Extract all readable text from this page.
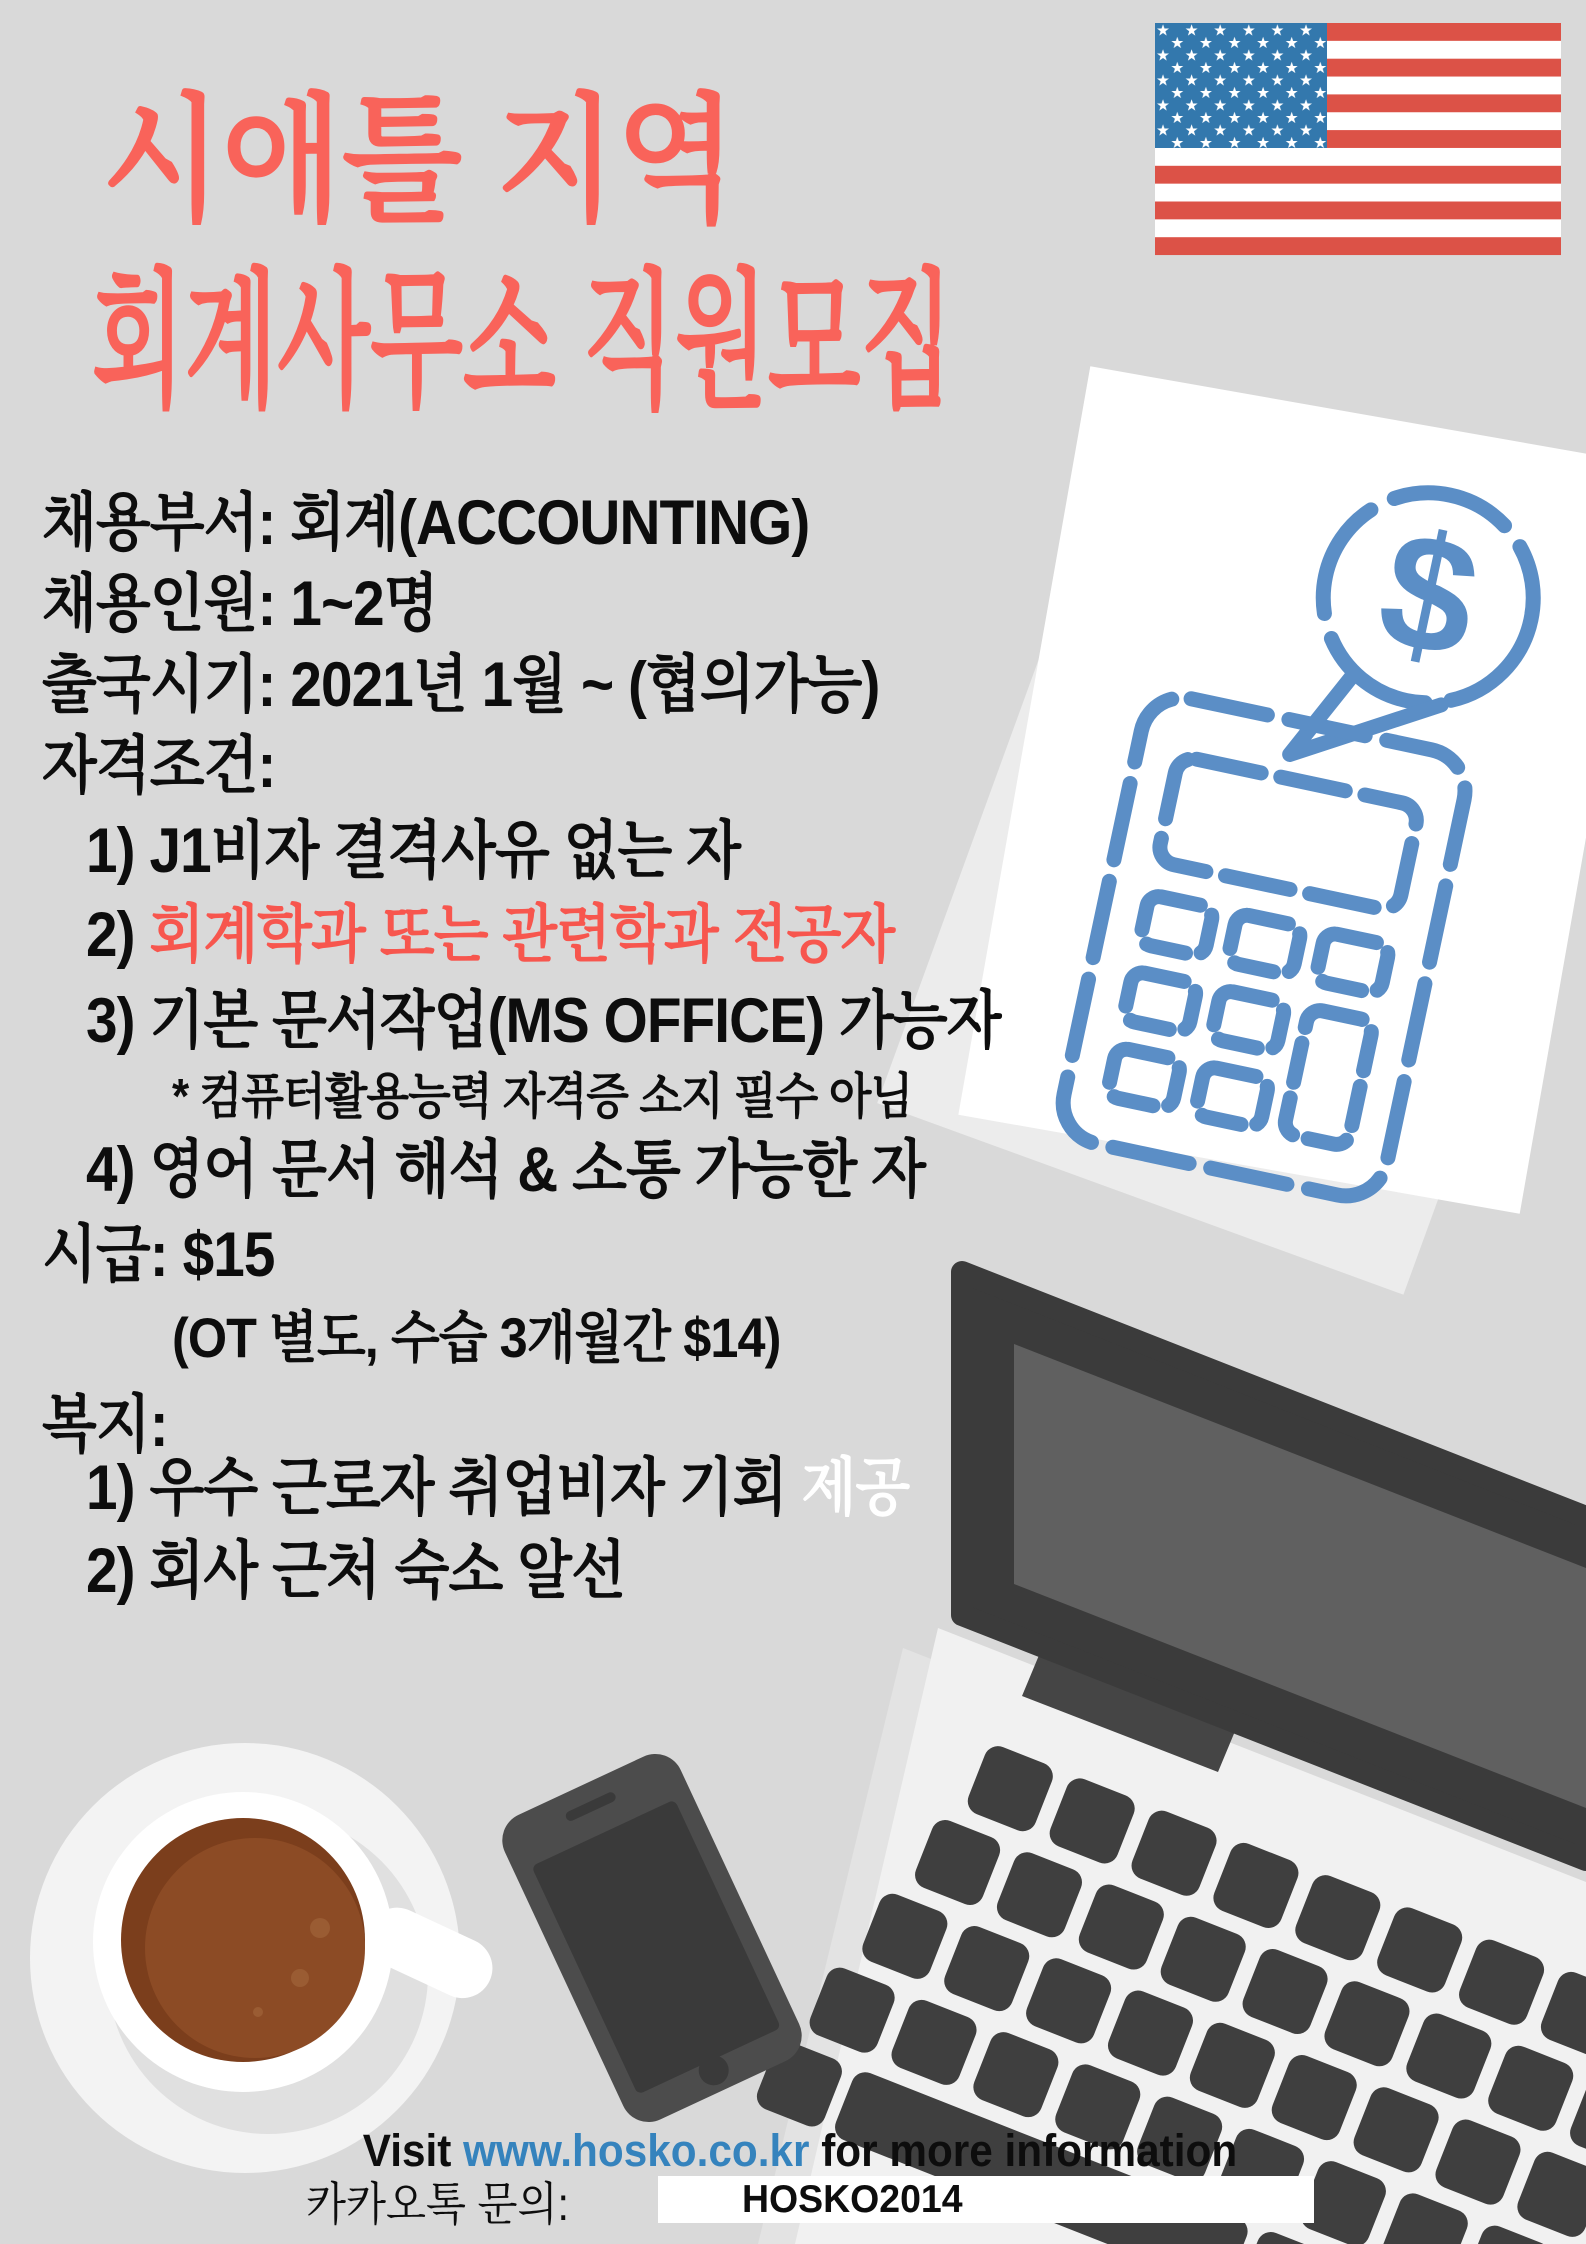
$
시애틀 지역
회계사무소 직원모집
채용부서: 회계(ACCOUNTING)
채용인원: 1~2명
출국시기: 2021년 1월 ~ (협의가능)
자격조건:
1) J1비자 결격사유 없는 자
2) 회계학과 또는 관련학과 전공자
3) 기본 문서작업(MS OFFICE) 가능자
* 컴퓨터활용능력 자격증 소지 필수 아님
4) 영어 문서 해석 & 소통 가능한 자
시급: $15
(OT 별도, 수습 3개월간 $14)
복지:
1) 우수 근로자 취업비자 기회 제공
2) 회사 근처 숙소 알선
Visit www.hosko.co.kr for more information
카카오톡 문의:	HOSKO2014
